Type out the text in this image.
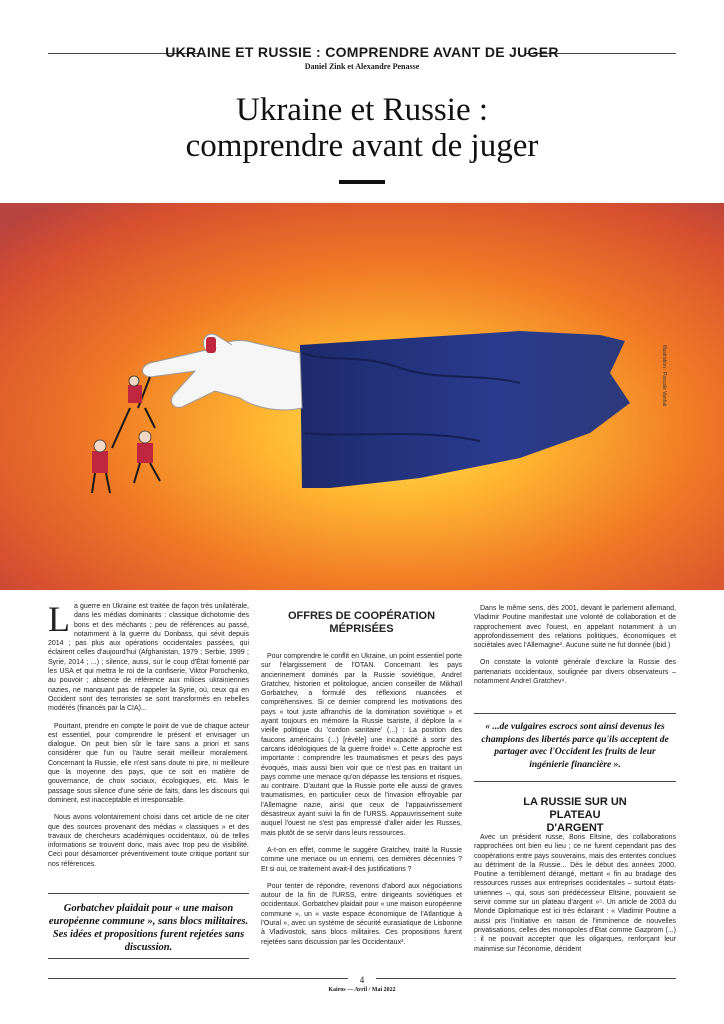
UKRAINE ET RUSSIE : COMPRENDRE AVANT DE JUGER
Daniel Zink et Alexandre Penasse
Ukraine et Russie :
comprendre avant de juger
Illustration : Pascale Vanhal

L a guerre en Ukraine est traitée de façon très unilatérale, dans les médias dominants : classique dichotomie des bons et des méchants ; peu de références au passé, notamment à la guerre du Donbass, qui sévit depuis 2014 ; pas plus aux opérations occidentales passées, qui éclairent celles d'aujourd'hui (Afghanistan, 1979 ; Serbie, 1999 ; Syrie, 2014 ; ...) ; silence, aussi, sur le coup d'État fomenté par les USA et qui mettra le roi de la confiserie, Viktor Porochenko, au pouvoir ; absence de référence aux milices ukrainiennes nazies, ne manquant pas de rappeler la Syrie, où, ceux qui en Occident sont des terroristes se sont transformés en rebelles modérés (financés par la CIA)...

Pourtant, prendre en compte le point de vue de chaque acteur est essentiel, pour comprendre le présent et envisager un dialogue. On peut bien sûr le faire sans a priori et sans considérer que l'un ou l'autre serait meilleur moralement. Concernant la Russie, elle n'est sans doute ni pire, ni meilleure que la moyenne des pays, que ce soit en matière de gouvernance, de choix sociaux, écologiques, etc. Mais le passage sous silence d'une série de faits, dans les discours qui dominent, est inacceptable et irresponsable.

Nous avons volontairement choisi dans cet article de ne citer que des sources provenant des médias « classiques » et des travaux de chercheurs académiques occidentaux, où de telles informations se trouvent donc, mais avec trop peu de visibilité. Ceci pour désamorcer préventivement toute critique portant sur nos références.

Gorbatchev plaidait pour « une maison européenne commune », sans blocs militaires. Ses idées et propositions furent rejetées sans discussion.
OFFRES DE COOPÉRATION MÉPRISÉES

Pour comprendre le conflit en Ukraine, un point essentiel porte sur l'élargissement de l'OTAN. Concernant les pays anciennement dominés par la Russie soviétique, Andreï Gratchev, historien et politologue, ancien conseiller de Mikhaïl Gorbatchev, a formulé des réflexions nuancées et compréhensives. Si ce dernier comprend les motivations des pays « tout juste affranchis de la domination soviétique » et ayant toujours en mémoire la Russie tsariste, il déplore la « vieille politique du 'cordon sanitaire' (...) : La position des faucons américains (...) [révèle] une incapacité à sortir des carcans idéologiques de la guerre froide¹ ». Cette approche est importante : comprendre les traumatismes et peurs des pays évoqués, mais aussi bien voir que ce n'est pas en traitant un pays comme une menace qu'on dépasse les tensions et risques, au contraire. D'autant que la Russie porte elle aussi de graves traumatismes, en particulier ceux de l'invasion effroyable par l'Allemagne nazie, ainsi que ceux de l'appauvrissement désastreux ayant suivi la fin de l'URSS. Appauvrissement suite auquel l'ouest ne s'est pas empressé d'aller aider les Russes, mais plutôt de se servir dans leurs ressources.

A-t-on en effet, comme le suggère Gratchev, traité la Russie comme une menace ou un ennemi, ces dernières décennies ? Et si oui, ce traitement avait-il des justifications ?

Pour tenter de répondre, revenons d'abord aux négociations autour de la fin de l'URSS, entre dirigeants soviétiques et occidentaux. Gorbatchev plaidait pour « une maison européenne commune », un « vaste espace économique de l'Atlantique à l'Oural », avec un système de sécurité eurasiatique de Lisbonne à Vladivostok, sans blocs militaires. Ces propositions furent rejetées sans discussion par les Occidentaux².

Dans le même sens, dès 2001, devant le parlement allemand, Vladimir Poutine manifestait une volonté de collaboration et de rapprochement avec l'ouest, en appelant notamment à un approfondissement des relations politiques, économiques et sociétales avec l'Allemagne³. Aucune suite ne fut donnée (ibid.)

On constate la volonté générale d'exclure la Russie des partenariats occidentaux, soulignée par divers observateurs – notamment Andreï Gratchev⁴.

« ...de vulgaires escrocs sont ainsi devenus les champions des libertés parce qu'ils acceptent de partager avec l'Occident les fruits de leur ingénierie financière ».
LA RUSSIE SUR UN PLATEAU D'ARGENT

Avec un président russe, Boris Eltsine, des collaborations rapprochées ont bien eu lieu ; ce ne furent cependant pas des coopérations entre pays souverains, mais des ententes conclues au détriment de la Russie... Dès le début des années 2000, Poutine a terriblement dérangé, mettant « fin au bradage des ressources russes aux entreprises occidentales – surtout états-uniennes –, qui, sous son prédécesseur Eltsine, pouvaient se servir comme sur un plateau d'argent »⁵. Un article de 2003 du Monde Diplomatique est ici très éclairant : « Vladimir Poutine a aussi pris l'initiative en raison de l'imminence de nouvelles privatisations, celles des monopoles d'État comme Gazprom (...) : il ne pouvait accepter que les oligarques, renforçant leur mainmise sur l'économie, décident

4
Kairos — Avril / Mai 2022
